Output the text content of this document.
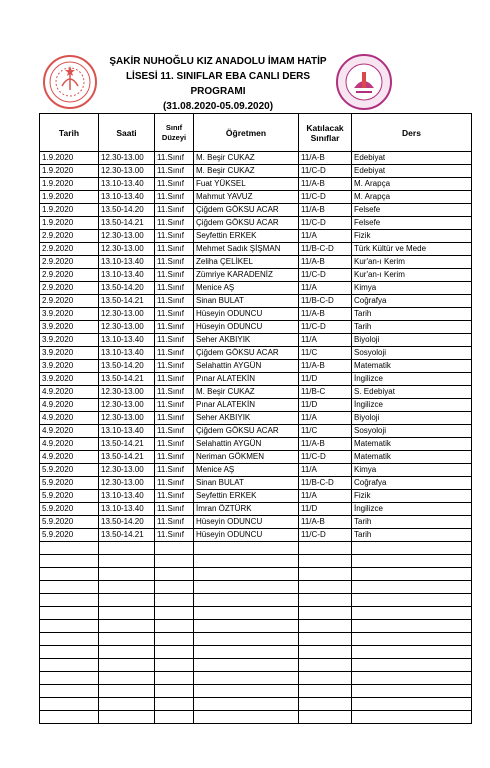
ŞAKİR NUHOĞLU KIZ ANADOLU İMAM HATİP
LİSESİ 11. SINIFLAR EBA CANLI DERS PROGRAMI
(31.08.2020-05.09.2020)
Tarih	Saati	Sınıf Düzeyi	Öğretmen	Katılacak Sınıflar	Ders
1.9.2020	12.30-13.00	11.Sınıf	M. Beşir CUKAZ	11/A-B	Edebiyat
1.9.2020	12.30-13.00	11.Sınıf	M. Beşir CUKAZ	11/C-D	Edebiyat
1.9.2020	13.10-13.40	11.Sınıf	Fuat YÜKSEL	11/A-B	M. Arapça
1.9.2020	13.10-13.40	11.Sınıf	Mahmut YAVUZ	11/C-D	M. Arapça
1.9.2020	13.50-14.20	11.Sınıf	Çiğdem GÖKSU ACAR	11/A-B	Felsefe
1.9.2020	13.50-14.21	11.Sınıf	Çiğdem GÖKSU ACAR	11/C-D	Felsefe
2.9.2020	12.30-13.00	11.Sınıf	Seyfettin ERKEK	11/A	Fizik
2.9.2020	12.30-13.00	11.Sınıf	Mehmet Sadık ŞİŞMAN	11/B-C-D	Türk Kültür ve Mede
2.9.2020	13.10-13.40	11.Sınıf	Zeliha ÇELİKEL	11/A-B	Kur'an-ı Kerim
2.9.2020	13.10-13.40	11.Sınıf	Zümriye KARADENİZ	11/C-D	Kur'an-ı Kerim
2.9.2020	13.50-14.20	11.Sınıf	Menice AŞ	11/A	Kimya
2.9.2020	13.50-14.21	11.Sınıf	Sinan BULAT	11/B-C-D	Coğrafya
3.9.2020	12.30-13.00	11.Sınıf	Hüseyin ODUNCU	11/A-B	Tarih
3.9.2020	12.30-13.00	11.Sınıf	Hüseyin ODUNCU	11/C-D	Tarih
3.9.2020	13.10-13.40	11.Sınıf	Seher AKBIYIK	11/A	Biyoloji
3.9.2020	13.10-13.40	11.Sınıf	Çiğdem GÖKSU ACAR	11/C	Sosyoloji
3.9.2020	13.50-14.20	11.Sınıf	Selahattin AYGÜN	11/A-B	Matematik
3.9.2020	13.50-14.21	11.Sınıf	Pınar ALATEKİN	11/D	İngilizce
4.9.2020	12.30-13.00	11.Sınıf	M. Beşir CUKAZ	11/B-C	S. Edebiyat
4.9.2020	12.30-13.00	11.Sınıf	Pınar ALATEKİN	11/D	İngilizce
4.9.2020	12.30-13.00	11.Sınıf	Seher AKBIYIK	11/A	Biyoloji
4.9.2020	13.10-13.40	11.Sınıf	Çiğdem GÖKSU ACAR	11/C	Sosyoloji
4.9.2020	13.50-14.21	11.Sınıf	Selahattin AYGÜN	11/A-B	Matematik
4.9.2020	13.50-14.21	11.Sınıf	Neriman GÖKMEN	11/C-D	Matematik
5.9.2020	12.30-13.00	11.Sınıf	Menice AŞ	11/A	Kimya
5.9.2020	12.30-13.00	11.Sınıf	Sinan BULAT	11/B-C-D	Coğrafya
5.9.2020	13.10-13.40	11.Sınıf	Seyfettin ERKEK	11/A	Fizik
5.9.2020	13.10-13.40	11.Sınıf	İmran ÖZTÜRK	11/D	İngilizce
5.9.2020	13.50-14.20	11.Sınıf	Hüseyin ODUNCU	11/A-B	Tarih
5.9.2020	13.50-14.21	11.Sınıf	Hüseyin ODUNCU	11/C-D	Tarih
